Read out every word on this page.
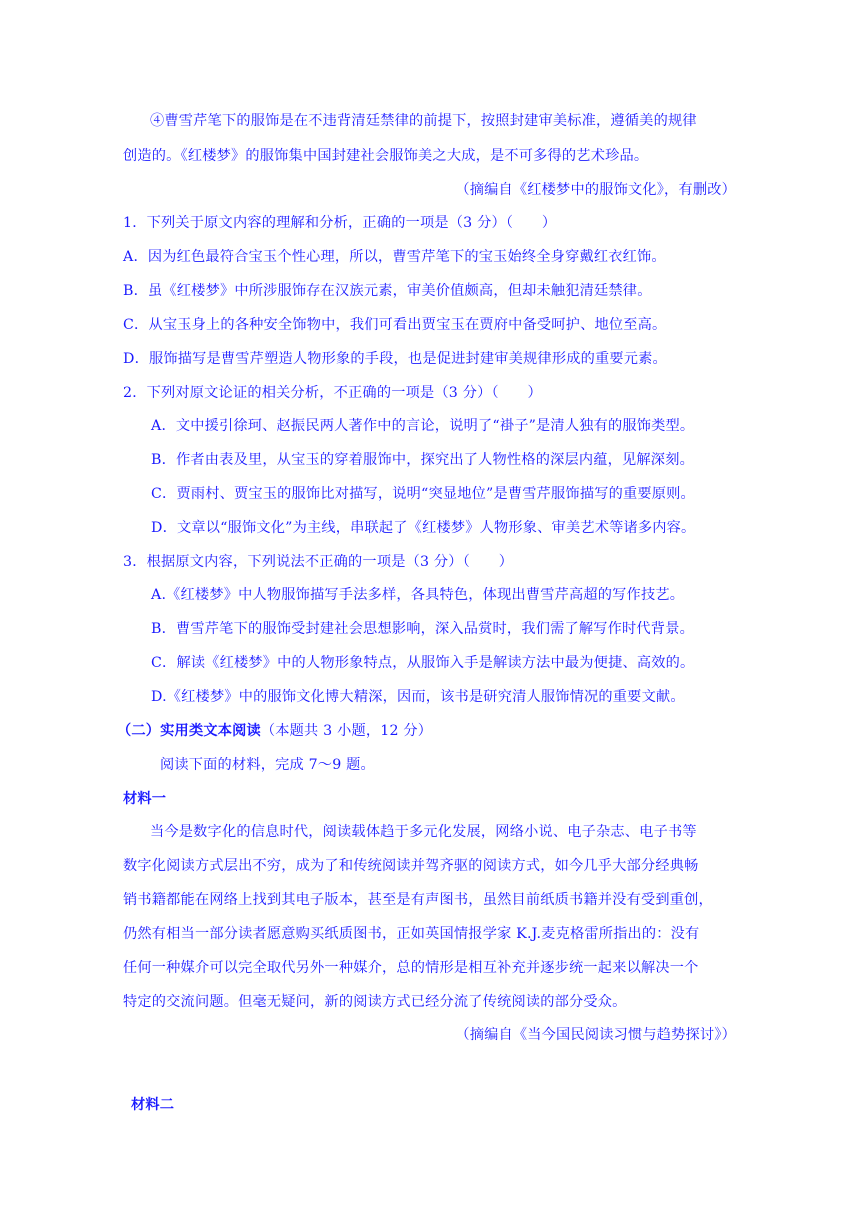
④曹雪芹笔下的服饰是在不违背清廷禁律的前提下，按照封建审美标准，遵循美的规律
创造的。《红楼梦》的服饰集中国封建社会服饰美之大成，是不可多得的艺术珍品。
（摘编自《红楼梦中的服饰文化》，有删改）
1．下列关于原文内容的理解和分析，正确的一项是（3 分）（　　）
A．因为红色最符合宝玉个性心理，所以，曹雪芹笔下的宝玉始终全身穿戴红衣红饰。
B．虽《红楼梦》中所涉服饰存在汉族元素，审美价值颇高，但却未触犯清廷禁律。
C．从宝玉身上的各种安全饰物中，我们可看出贾宝玉在贾府中备受呵护、地位至高。
D．服饰描写是曹雪芹塑造人物形象的手段，也是促进封建审美规律形成的重要元素。
2．下列对原文论证的相关分析，不正确的一项是（3 分）（　　）
A．文中援引徐珂、赵振民两人著作中的言论，说明了“褂子”是清人独有的服饰类型。
B．作者由表及里，从宝玉的穿着服饰中，探究出了人物性格的深层内蕴，见解深刻。
C．贾雨村、贾宝玉的服饰比对描写，说明“突显地位”是曹雪芹服饰描写的重要原则。
D．文章以“服饰文化”为主线，串联起了《红楼梦》人物形象、审美艺术等诸多内容。
3．根据原文内容，下列说法不正确的一项是（3 分）（　　）
A.《红楼梦》中人物服饰描写手法多样，各具特色，体现出曹雪芹高超的写作技艺。
B．曹雪芹笔下的服饰受封建社会思想影响，深入品赏时，我们需了解写作时代背景。
C．解读《红楼梦》中的人物形象特点，从服饰入手是解读方法中最为便捷、高效的。
D.《红楼梦》中的服饰文化博大精深，因而，该书是研究清人服饰情况的重要文献。
（二）实用类文本阅读（本题共 3 小题，12 分）
阅读下面的材料，完成 7～9 题。
材料一
当今是数字化的信息时代，阅读载体趋于多元化发展，网络小说、电子杂志、电子书等
数字化阅读方式层出不穷，成为了和传统阅读并驾齐驱的阅读方式，如今几乎大部分经典畅
销书籍都能在网络上找到其电子版本，甚至是有声图书，虽然目前纸质书籍并没有受到重创，
仍然有相当一部分读者愿意购买纸质图书，正如英国情报学家 K.J.麦克格雷所指出的：没有
任何一种媒介可以完全取代另外一种媒介，总的情形是相互补充并逐步统一起来以解决一个
特定的交流问题。但毫无疑问，新的阅读方式已经分流了传统阅读的部分受众。
（摘编自《当今国民阅读习惯与趋势探讨》）
材料二
